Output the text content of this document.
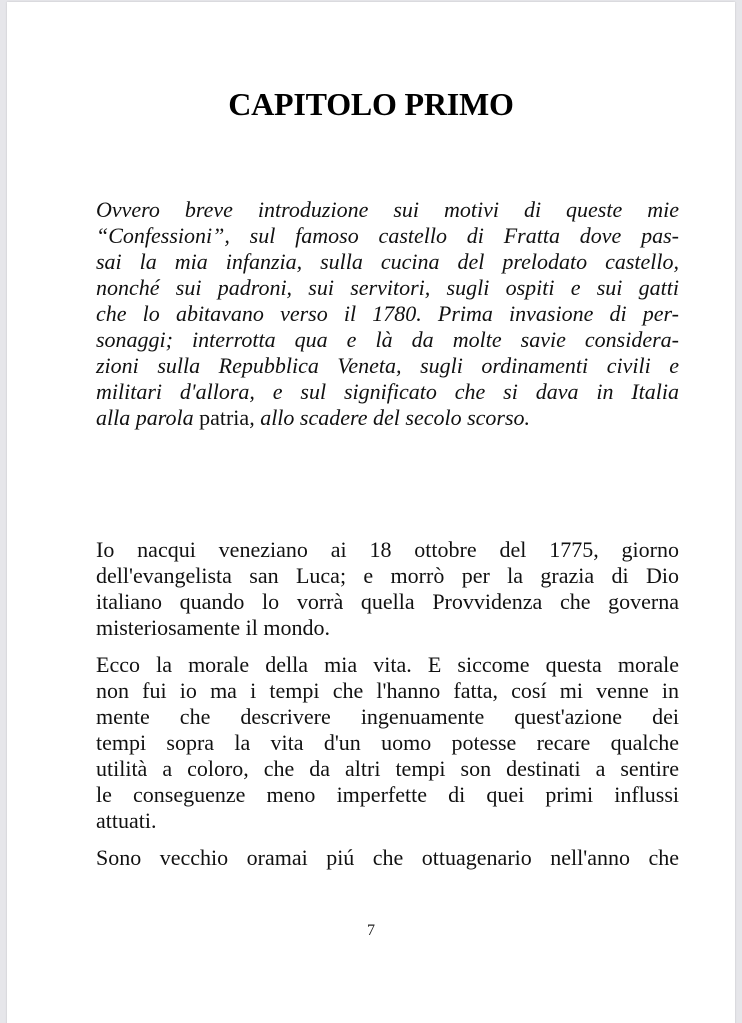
CAPITOLO PRIMO
Ovvero breve introduzione sui motivi di queste mie
“Confessioni”, sul famoso castello di Fratta dove pas-
sai la mia infanzia, sulla cucina del prelodato castello,
nonché sui padroni, sui servitori, sugli ospiti e sui gatti
che lo abitavano verso il 1780. Prima invasione di per-
sonaggi; interrotta qua e là da molte savie considera-
zioni sulla Repubblica Veneta, sugli ordinamenti civili e
militari d'allora, e sul significato che si dava in Italia
alla parola patria, allo scadere del secolo scorso.

Io nacqui veneziano ai 18 ottobre del 1775, giorno
dell'evangelista san Luca; e morrò per la grazia di Dio
italiano quando lo vorrà quella Provvidenza che governa
misteriosamente il mondo.

Ecco la morale della mia vita. E siccome questa morale
non fui io ma i tempi che l'hanno fatta, cosí mi venne in
mente che descrivere ingenuamente quest'azione dei
tempi sopra la vita d'un uomo potesse recare qualche
utilità a coloro, che da altri tempi son destinati a sentire
le conseguenze meno imperfette di quei primi influssi
attuati.

Sono vecchio oramai piú che ottuagenario nell'anno che

7
